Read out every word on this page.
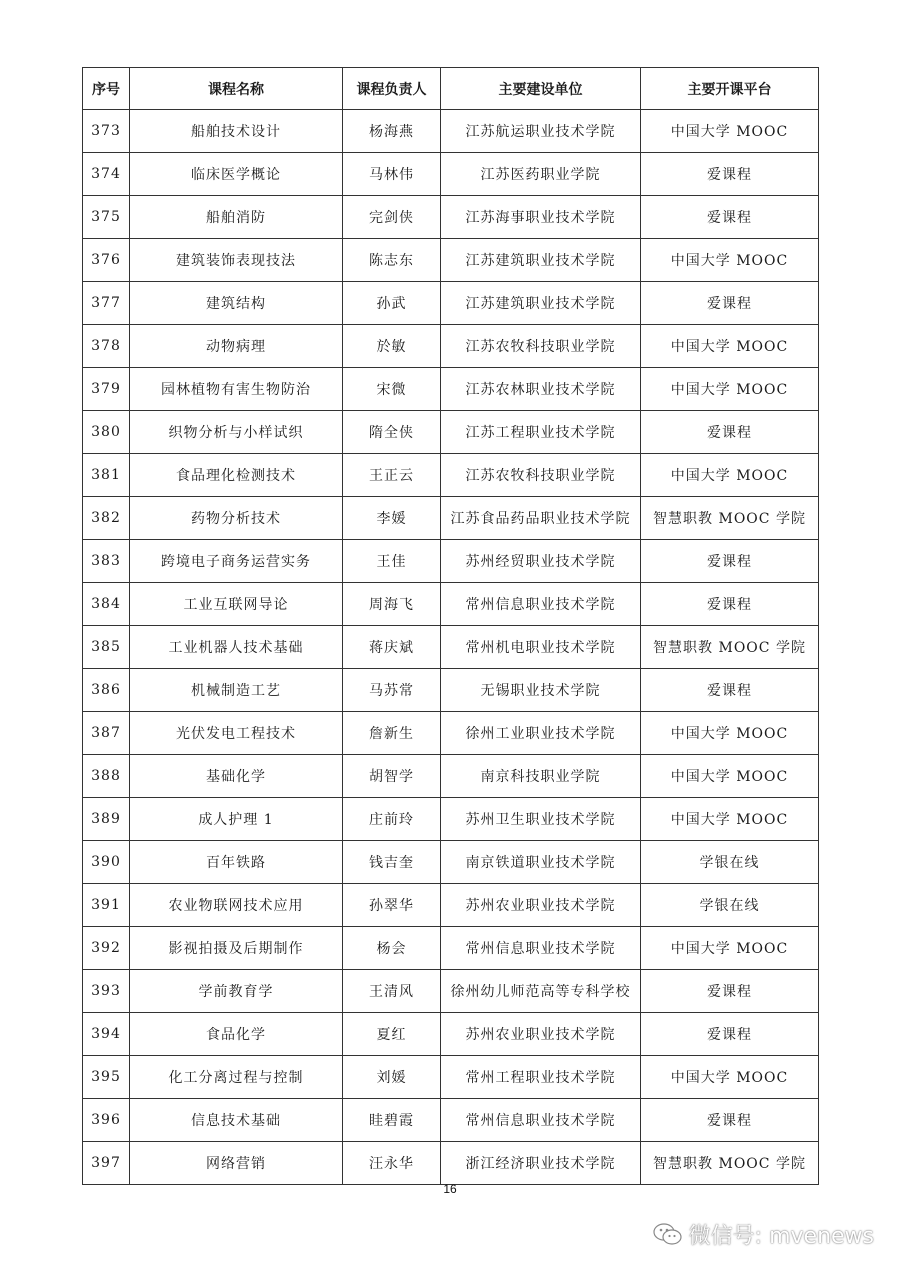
序号	课程名称	课程负责人	主要建设单位	主要开课平台
373	船舶技术设计	杨海燕	江苏航运职业技术学院	中国大学 MOOC
374	临床医学概论	马林伟	江苏医药职业学院	爱课程
375	船舶消防	完剑侠	江苏海事职业技术学院	爱课程
376	建筑装饰表现技法	陈志东	江苏建筑职业技术学院	中国大学 MOOC
377	建筑结构	孙武	江苏建筑职业技术学院	爱课程
378	动物病理	於敏	江苏农牧科技职业学院	中国大学 MOOC
379	园林植物有害生物防治	宋微	江苏农林职业技术学院	中国大学 MOOC
380	织物分析与小样试织	隋全侠	江苏工程职业技术学院	爱课程
381	食品理化检测技术	王正云	江苏农牧科技职业学院	中国大学 MOOC
382	药物分析技术	李媛	江苏食品药品职业技术学院	智慧职教 MOOC 学院
383	跨境电子商务运营实务	王佳	苏州经贸职业技术学院	爱课程
384	工业互联网导论	周海飞	常州信息职业技术学院	爱课程
385	工业机器人技术基础	蒋庆斌	常州机电职业技术学院	智慧职教 MOOC 学院
386	机械制造工艺	马苏常	无锡职业技术学院	爱课程
387	光伏发电工程技术	詹新生	徐州工业职业技术学院	中国大学 MOOC
388	基础化学	胡智学	南京科技职业学院	中国大学 MOOC
389	成人护理 1	庄前玲	苏州卫生职业技术学院	中国大学 MOOC
390	百年铁路	钱吉奎	南京铁道职业技术学院	学银在线
391	农业物联网技术应用	孙翠华	苏州农业职业技术学院	学银在线
392	影视拍摄及后期制作	杨会	常州信息职业技术学院	中国大学 MOOC
393	学前教育学	王清风	徐州幼儿师范高等专科学校	爱课程
394	食品化学	夏红	苏州农业职业技术学院	爱课程
395	化工分离过程与控制	刘媛	常州工程职业技术学院	中国大学 MOOC
396	信息技术基础	眭碧霞	常州信息职业技术学院	爱课程
397	网络营销	汪永华	浙江经济职业技术学院	智慧职教 MOOC 学院
16
微信号: mvenews
